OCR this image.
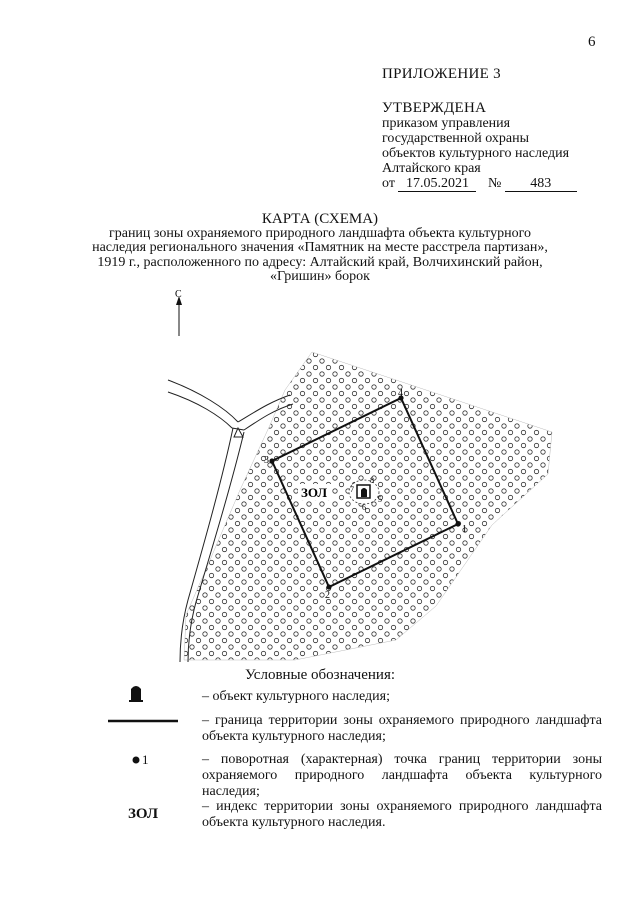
6
ПРИЛОЖЕНИЕ 3
УТВЕРЖДЕНА
приказом управления
государственной охраны
объектов культурного наследия
Алтайского края
от 17.05.2021 № 483
КАРТА (СХЕМА)
границ зоны охраняемого природного ландшафта объекта культурного
наследия регионального значения «Памятник на месте расстрела партизан»,
1919 г., расположенного по адресу: Алтайский край, Волчихинский район,
«Гришин» борок
С
1
2
3
4
5
6
7
8
ЗОЛ
Условные обозначения:
– объект культурного наследия;
– граница территории зоны охраняемого природного ландшафта объекта культурного наследия;
– поворотная (характерная) точка границ территории зоны охраняемого природного ландшафта объекта культурного наследия;
– индекс территории зоны охраняемого природного ландшафта объекта культурного наследия.
1
ЗОЛ
